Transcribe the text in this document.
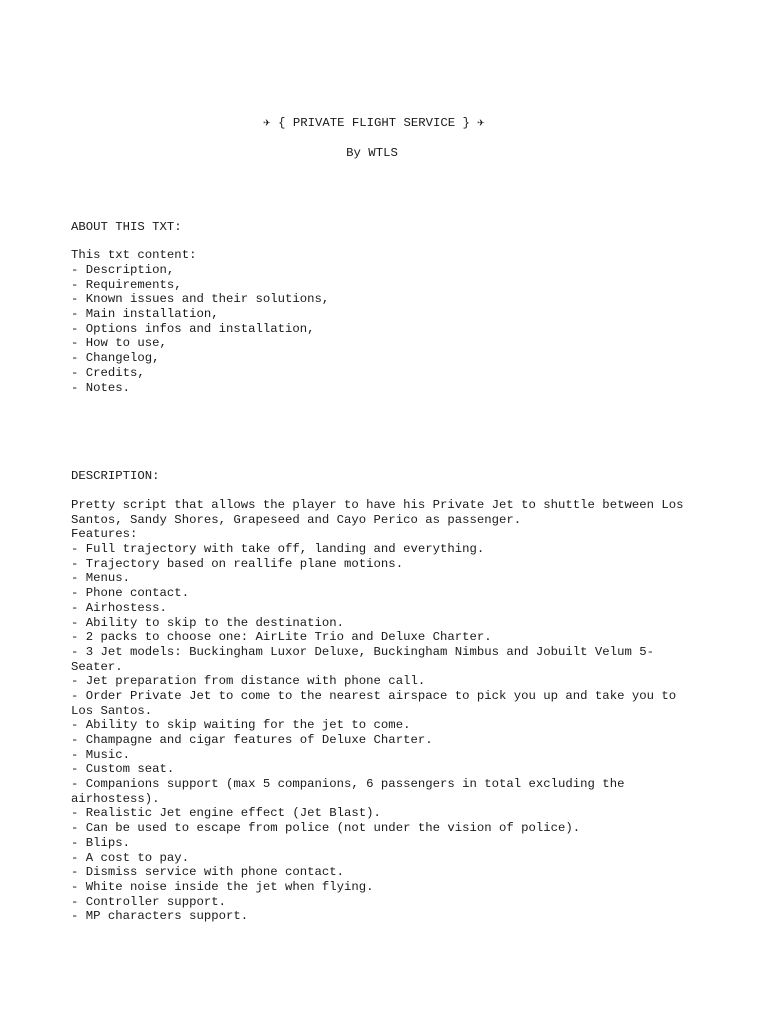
✈ { PRIVATE FLIGHT SERVICE } ✈
By WTLS
ABOUT THIS TXT:
This txt content:
- Description,
- Requirements,
- Known issues and their solutions,
- Main installation,
- Options infos and installation,
- How to use,
- Changelog,
- Credits,
- Notes.
DESCRIPTION:
Pretty script that allows the player to have his Private Jet to shuttle between Los
Santos, Sandy Shores, Grapeseed and Cayo Perico as passenger.
Features:
- Full trajectory with take off, landing and everything.
- Trajectory based on reallife plane motions.
- Menus.
- Phone contact.
- Airhostess.
- Ability to skip to the destination.
- 2 packs to choose one: AirLite Trio and Deluxe Charter.
- 3 Jet models: Buckingham Luxor Deluxe, Buckingham Nimbus and Jobuilt Velum 5-
Seater.
- Jet preparation from distance with phone call.
- Order Private Jet to come to the nearest airspace to pick you up and take you to
Los Santos.
- Ability to skip waiting for the jet to come.
- Champagne and cigar features of Deluxe Charter.
- Music.
- Custom seat.
- Companions support (max 5 companions, 6 passengers in total excluding the
airhostess).
- Realistic Jet engine effect (Jet Blast).
- Can be used to escape from police (not under the vision of police).
- Blips.
- A cost to pay.
- Dismiss service with phone contact.
- White noise inside the jet when flying.
- Controller support.
- MP characters support.
